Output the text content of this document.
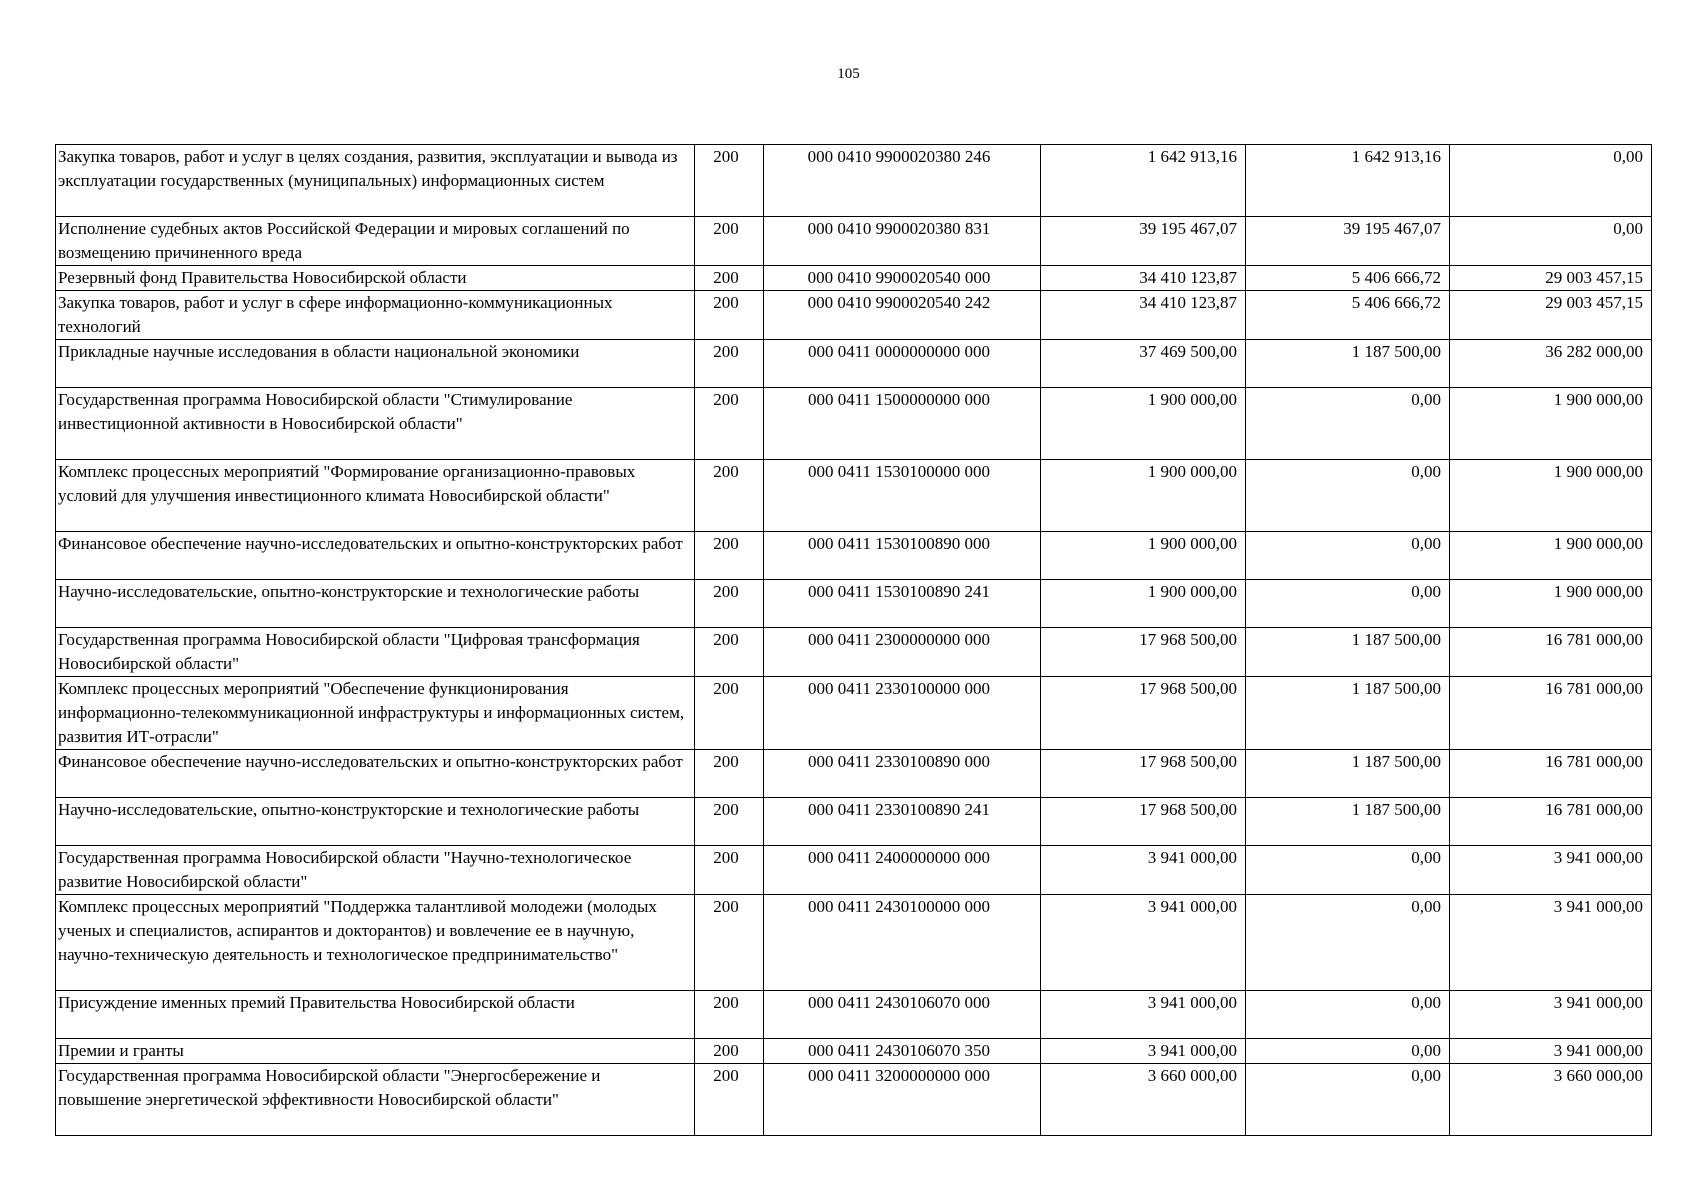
105
Закупка товаров, работ и услуг в целях создания, развития, эксплуатации и вывода из эксплуатации государственных (муниципальных) информационных систем	200	000 0410 9900020380 246	1 642 913,16	1 642 913,16	0,00
Исполнение судебных актов Российской Федерации и мировых соглашений по возмещению причиненного вреда	200	000 0410 9900020380 831	39 195 467,07	39 195 467,07	0,00
Резервный фонд Правительства Новосибирской области	200	000 0410 9900020540 000	34 410 123,87	5 406 666,72	29 003 457,15
Закупка товаров, работ и услуг в сфере информационно-коммуникационных технологий	200	000 0410 9900020540 242	34 410 123,87	5 406 666,72	29 003 457,15
Прикладные научные исследования в области национальной экономики	200	000 0411 0000000000 000	37 469 500,00	1 187 500,00	36 282 000,00
Государственная программа Новосибирской области "Стимулирование инвестиционной активности в Новосибирской области"	200	000 0411 1500000000 000	1 900 000,00	0,00	1 900 000,00
Комплекс процессных мероприятий "Формирование организационно-правовых условий для улучшения инвестиционного климата Новосибирской области"	200	000 0411 1530100000 000	1 900 000,00	0,00	1 900 000,00
Финансовое обеспечение научно-исследовательских и опытно-конструкторских работ	200	000 0411 1530100890 000	1 900 000,00	0,00	1 900 000,00
Научно-исследовательские, опытно-конструкторские и технологические работы	200	000 0411 1530100890 241	1 900 000,00	0,00	1 900 000,00
Государственная программа Новосибирской области "Цифровая трансформация Новосибирской области"	200	000 0411 2300000000 000	17 968 500,00	1 187 500,00	16 781 000,00
Комплекс процессных мероприятий "Обеспечение функционирования информационно-телекоммуникационной инфраструктуры и информационных систем, развития ИТ-отрасли"	200	000 0411 2330100000 000	17 968 500,00	1 187 500,00	16 781 000,00
Финансовое обеспечение научно-исследовательских и опытно-конструкторских работ	200	000 0411 2330100890 000	17 968 500,00	1 187 500,00	16 781 000,00
Научно-исследовательские, опытно-конструкторские и технологические работы	200	000 0411 2330100890 241	17 968 500,00	1 187 500,00	16 781 000,00
Государственная программа Новосибирской области "Научно-технологическое развитие Новосибирской области"	200	000 0411 2400000000 000	3 941 000,00	0,00	3 941 000,00
Комплекс процессных мероприятий "Поддержка талантливой молодежи (молодых ученых и специалистов, аспирантов и докторантов) и вовлечение ее в научную, научно-техническую деятельность и технологическое предпринимательство"	200	000 0411 2430100000 000	3 941 000,00	0,00	3 941 000,00
Присуждение именных премий Правительства Новосибирской области	200	000 0411 2430106070 000	3 941 000,00	0,00	3 941 000,00
Премии и гранты	200	000 0411 2430106070 350	3 941 000,00	0,00	3 941 000,00
Государственная программа Новосибирской области "Энергосбережение и повышение энергетической эффективности Новосибирской области"	200	000 0411 3200000000 000	3 660 000,00	0,00	3 660 000,00
